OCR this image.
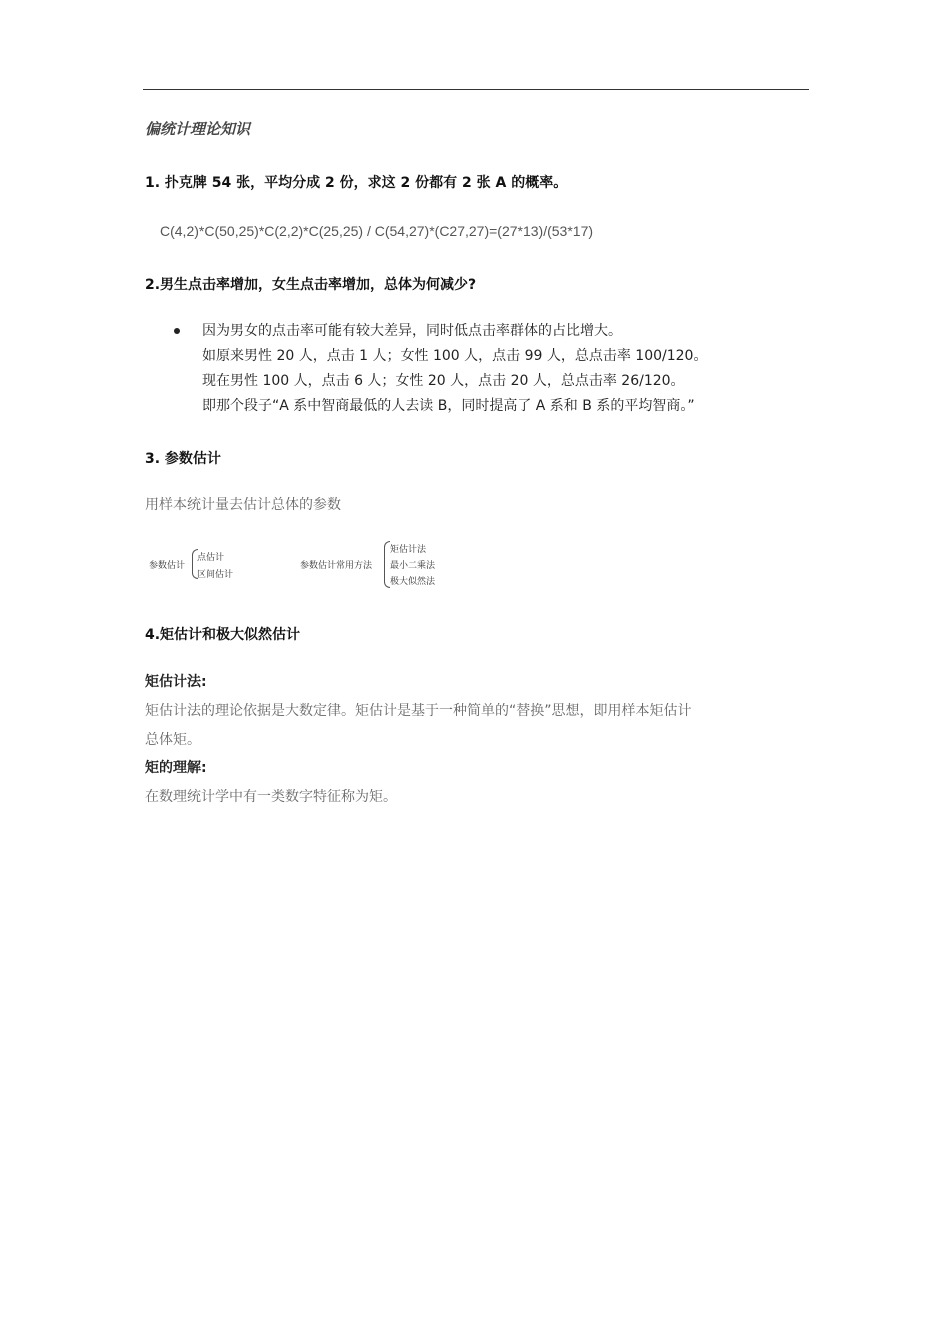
偏统计理论知识
1. 扑克牌 54 张，平均分成 2 份，求这 2 份都有 2 张 A 的概率。
C(4,2)*C(50,25)*C(2,2)*C(25,25) / C(54,27)*(C27,27)=(27*13)/(53*17)
2.男生点击率增加，女生点击率增加，总体为何减少?
因为男女的点击率可能有较大差异，同时低点击率群体的占比增大。
如原来男性 20 人，点击 1 人；女性 100 人，点击 99 人，总点击率 100/120。
现在男性 100 人，点击 6 人；女性 20 人，点击 20 人，总点击率 26/120。
即那个段子“A 系中智商最低的人去读 B，同时提高了 A 系和 B 系的平均智商。”
3. 参数估计
用样本统计量去估计总体的参数
参数估计
点估计
区间估计
参数估计常用方法
矩估计法
最小二乘法
极大似然法
4.矩估计和极大似然估计
矩估计法:
矩估计法的理论依据是大数定律。矩估计是基于一种简单的“替换”思想，即用样本矩估计
总体矩。
矩的理解:
在数理统计学中有一类数字特征称为矩。
